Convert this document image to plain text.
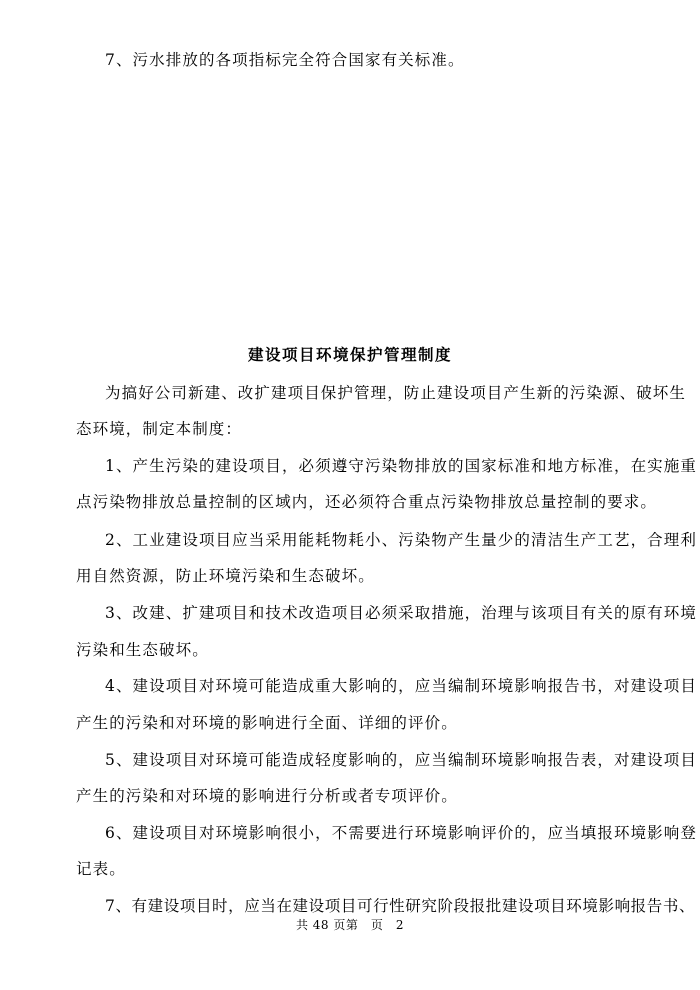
7、污水排放的各项指标完全符合国家有关标准。
建设项目环境保护管理制度
为搞好公司新建、改扩建项目保护管理，防止建设项目产生新的污染源、破坏生
态环境，制定本制度：
1、产生污染的建设项目，必须遵守污染物排放的国家标准和地方标准，在实施重
点污染物排放总量控制的区域内，还必须符合重点污染物排放总量控制的要求。
2、工业建设项目应当采用能耗物耗小、污染物产生量少的清洁生产工艺，合理利
用自然资源，防止环境污染和生态破坏。
3、改建、扩建项目和技术改造项目必须采取措施，治理与该项目有关的原有环境
污染和生态破坏。
4、建设项目对环境可能造成重大影响的，应当编制环境影响报告书，对建设项目
产生的污染和对环境的影响进行全面、详细的评价。
5、建设项目对环境可能造成轻度影响的，应当编制环境影响报告表，对建设项目
产生的污染和对环境的影响进行分析或者专项评价。
6、建设项目对环境影响很小，不需要进行环境影响评价的，应当填报环境影响登
记表。
7、有建设项目时，应当在建设项目可行性研究阶段报批建设项目环境影响报告书、
共 48 页第　页　2
